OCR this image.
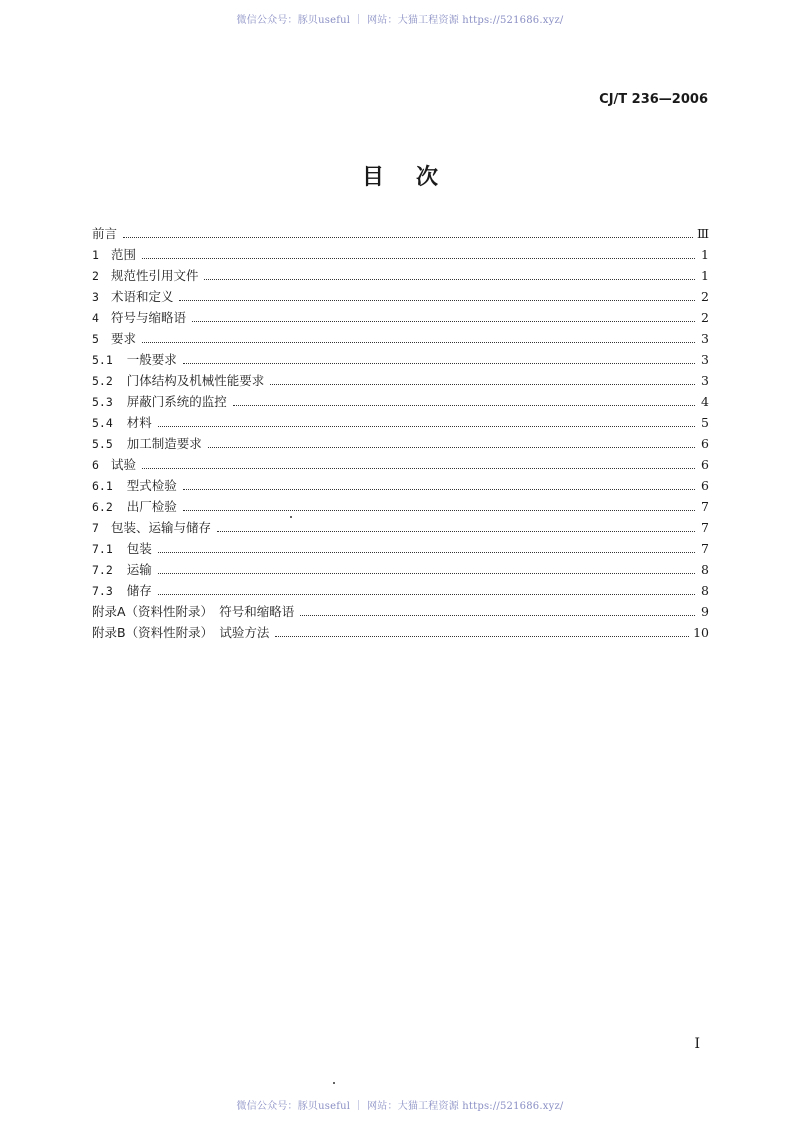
微信公众号：豚贝useful ｜ 网站：大猫工程资源 https://521686.xyz/
CJ/T 236—2006
目次
前言	Ⅲ
1 范围	1
2 规范性引用文件	1
3 术语和定义	2
4 符号与缩略语	2
5 要求	3
5.1 一般要求	3
5.2 门体结构及机械性能要求	3
5.3 屏蔽门系统的监控	4
5.4 材料	5
5.5 加工制造要求	6
6 试验	6
6.1 型式检验	6
6.2 出厂检验	7
7 包装、运输与储存	7
7.1 包装	7
7.2 运输	8
7.3 储存	8
附录A（资料性附录）　符号和缩略语	9
附录B（资料性附录）　试验方法	10
I
微信公众号：豚贝useful ｜ 网站：大猫工程资源 https://521686.xyz/
